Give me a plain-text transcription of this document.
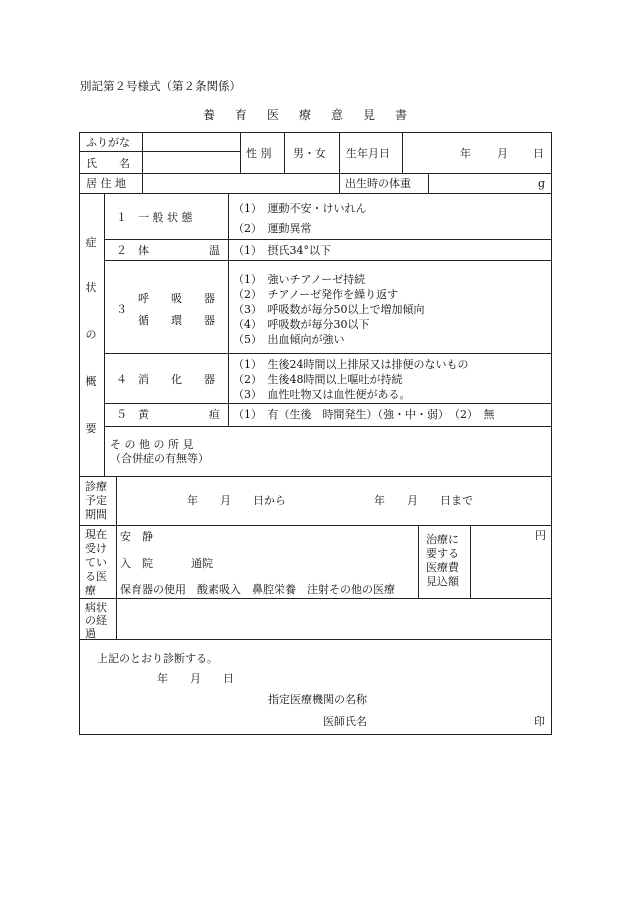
別記第２号様式（第２条関係）
養育医療意見書
ふりがな
氏　　名
性 別 男・女 生年月日	年 月 日
居 住 地	出生時の体重	g
症
状
の
概
要
１　一 般 状 態
（1）　運動不安・けいれん
（2）　運動異常
２　体	温 （1）　摂氏34°以下
３
呼　　吸　　器
循　　環　　器
（1）　強いチアノーゼ持続
（2）　チアノーゼ発作を繰り返す
（3）　呼吸数が毎分50以上で増加傾向
（4）　呼吸数が毎分30以下
（5）　出血傾向が強い
４　消　　化　　器
（1）　生後24時間以上排尿又は排便のないもの
（2）　生後48時間以上嘔吐が持続
（3）　血性吐物又は血性便がある。
５　黄	疸 （1）　有（生後　時間発生）（強・中・弱）　（2）　無
そ の 他 の 所 見
（合併症の有無等）
診療
予定
期間
年　　月　　日から	年　　月　　日まで
現在
受け
てい
る医
療
安　静
入　院	通院
保育器の使用　酸素吸入　鼻腔栄養　注射その他の医療
治療に
要する
医療費
見込額
円
病状
の経
過
上記のとおり診断する。
年　　月　　日
指定医療機関の名称
医師氏名	印
